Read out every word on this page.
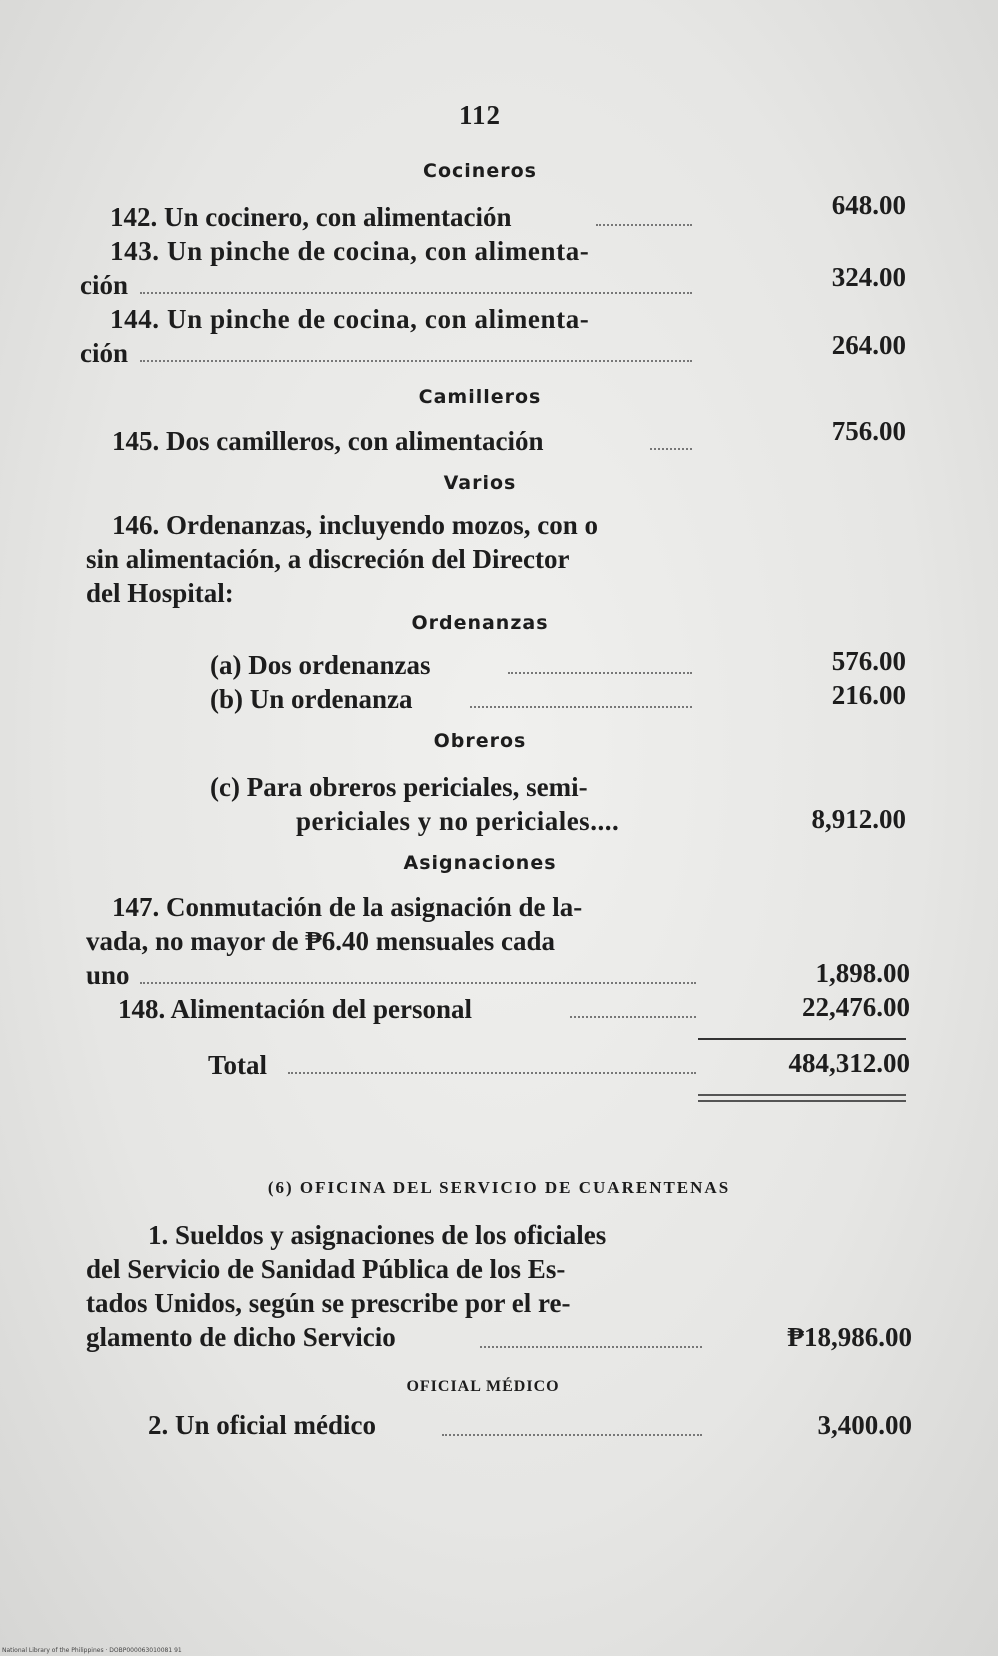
112
Cocineros
142. Un cocinero, con alimentación	648.00
143. Un pinche de cocina, con alimenta-
ción	324.00
144. Un pinche de cocina, con alimenta-
ción	264.00
Camilleros
145. Dos camilleros, con alimentación	756.00
Varios
146. Ordenanzas, incluyendo mozos, con o
sin alimentación, a discreción del Director
del Hospital:
Ordenanzas
(a) Dos ordenanzas	576.00
(b) Un ordenanza	216.00
Obreros
(c) Para obreros periciales, semi-
periciales y no periciales....	8,912.00
Asignaciones
147. Conmutación de la asignación de la-
vada, no mayor de ₱6.40 mensuales cada
uno	1,898.00
148. Alimentación del personal	22,476.00
Total	484,312.00
(6) OFICINA DEL SERVICIO DE CUARENTENAS
1. Sueldos y asignaciones de los oficiales
del Servicio de Sanidad Pública de los Es-
tados Unidos, según se prescribe por el re-
glamento de dicho Servicio	₱18,986.00
OFICIAL MÉDICO
2. Un oficial médico	3,400.00
National Library of the Philippines · DOBP000063010081 91
